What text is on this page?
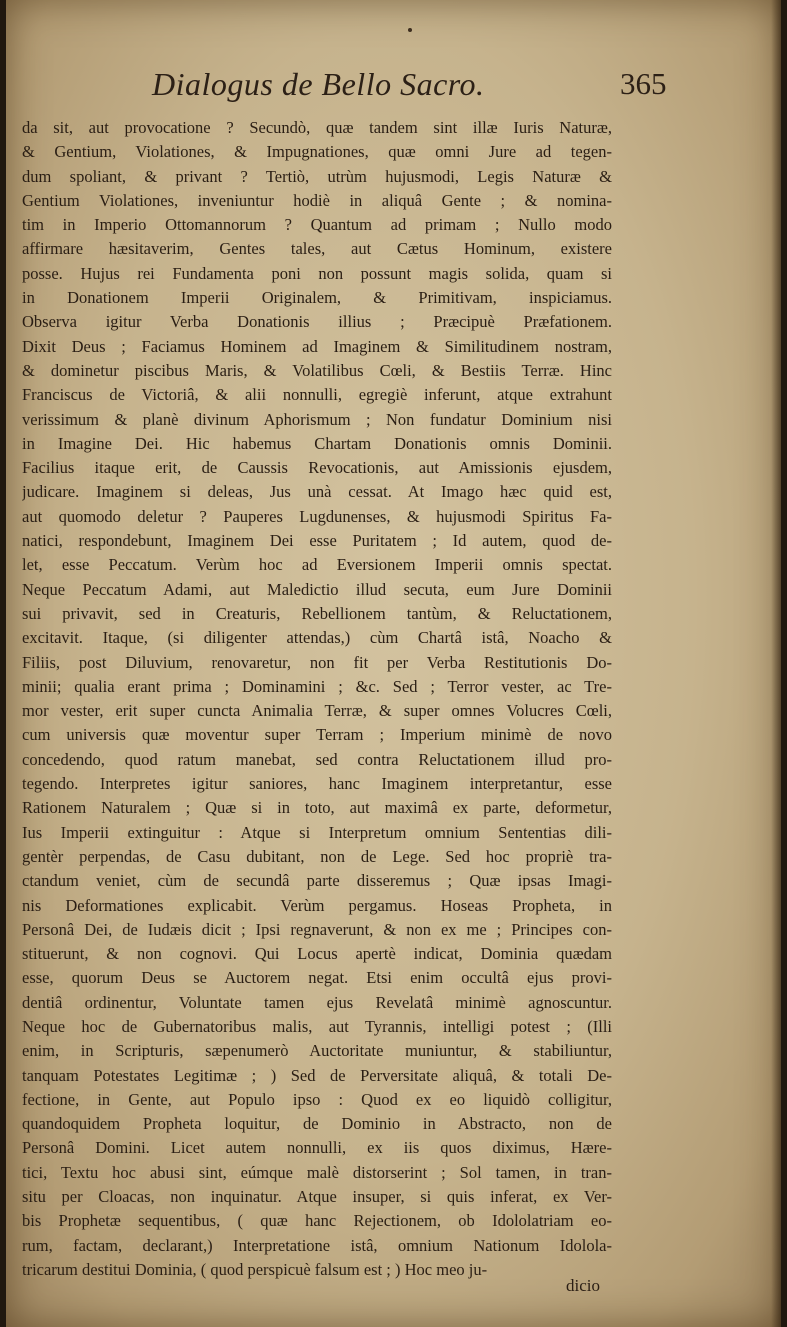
Dialogus de Bello Sacro.	365

da sit, aut provocatione ? Secundò, quæ tandem sint illæ Iuris Naturæ,
& Gentium, Violationes, & Impugnationes, quæ omni Jure ad tegen-
dum spoliant, & privant ? Tertiò, utrùm hujusmodi, Legis Naturæ &
Gentium Violationes, inveniuntur hodiè in aliquâ Gente ; & nomina-
tim in Imperio Ottomannorum ? Quantum ad primam ; Nullo modo
affirmare hæsitaverim, Gentes tales, aut Cætus Hominum, existere
posse. Hujus rei Fundamenta poni non possunt magis solida, quam si
in Donationem Imperii Originalem, & Primitivam, inspiciamus.
Observa igitur Verba Donationis illius ; Præcipuè Præfationem.
Dixit Deus ; Faciamus Hominem ad Imaginem & Similitudinem nostram,
& dominetur piscibus Maris, & Volatilibus Cœli, & Bestiis Terræ. Hinc
Franciscus de Victoriâ, & alii nonnulli, egregiè inferunt, atque extrahunt
verissimum & planè divinum Aphorismum ; Non fundatur Dominium nisi
in Imagine Dei. Hic habemus Chartam Donationis omnis Dominii.
Facilius itaque erit, de Caussis Revocationis, aut Amissionis ejusdem,
judicare. Imaginem si deleas, Jus unà cessat. At Imago hæc quid est,
aut quomodo deletur ? Pauperes Lugdunenses, & hujusmodi Spiritus Fa-
natici, respondebunt, Imaginem Dei esse Puritatem ; Id autem, quod de-
let, esse Peccatum. Verùm hoc ad Eversionem Imperii omnis spectat.
Neque Peccatum Adami, aut Maledictio illud secuta, eum Jure Dominii
sui privavit, sed in Creaturis, Rebellionem tantùm, & Reluctationem,
excitavit. Itaque, (si diligenter attendas,) cùm Chartâ istâ, Noacho &
Filiis, post Diluvium, renovaretur, non fit per Verba Restitutionis Do-
minii; qualia erant prima ; Dominamini ; &c. Sed ; Terror vester, ac Tre-
mor vester, erit super cuncta Animalia Terræ, & super omnes Volucres Cœli,
cum universis quæ moventur super Terram ; Imperium minimè de novo
concedendo, quod ratum manebat, sed contra Reluctationem illud pro-
tegendo. Interpretes igitur saniores, hanc Imaginem interpretantur, esse
Rationem Naturalem ; Quæ si in toto, aut maximâ ex parte, deformetur,
Ius Imperii extinguitur : Atque si Interpretum omnium Sententias dili-
gentèr perpendas, de Casu dubitant, non de Lege. Sed hoc propriè tra-
ctandum veniet, cùm de secundâ parte disseremus ; Quæ ipsas Imagi-
nis Deformationes explicabit. Verùm pergamus. Hoseas Propheta, in
Personâ Dei, de Iudæis dicit ; Ipsi regnaverunt, & non ex me ; Principes con-
stituerunt, & non cognovi. Qui Locus apertè indicat, Dominia quædam
esse, quorum Deus se Auctorem negat. Etsi enim occultâ ejus provi-
dentiâ ordinentur, Voluntate tamen ejus Revelatâ minimè agnoscuntur.
Neque hoc de Gubernatoribus malis, aut Tyrannis, intelligi potest ; (Illi
enim, in Scripturis, sæpenumerò Auctoritate muniuntur, & stabiliuntur,
tanquam Potestates Legitimæ ; ) Sed de Perversitate aliquâ, & totali De-
fectione, in Gente, aut Populo ipso : Quod ex eo liquidò colligitur,
quandoquidem Propheta loquitur, de Dominio in Abstracto, non de
Personâ Domini. Licet autem nonnulli, ex iis quos diximus, Hære-
tici, Textu hoc abusi sint, eúmque malè distorserint ; Sol tamen, in tran-
situ per Cloacas, non inquinatur. Atque insuper, si quis inferat, ex Ver-
bis Prophetæ sequentibus, ( quæ hanc Rejectionem, ob Idololatriam eo-
rum, factam, declarant,) Interpretatione istâ, omnium Nationum Idolola-
tricarum destitui Dominia, ( quod perspicuè falsum est ; ) Hoc meo ju-

dicio
